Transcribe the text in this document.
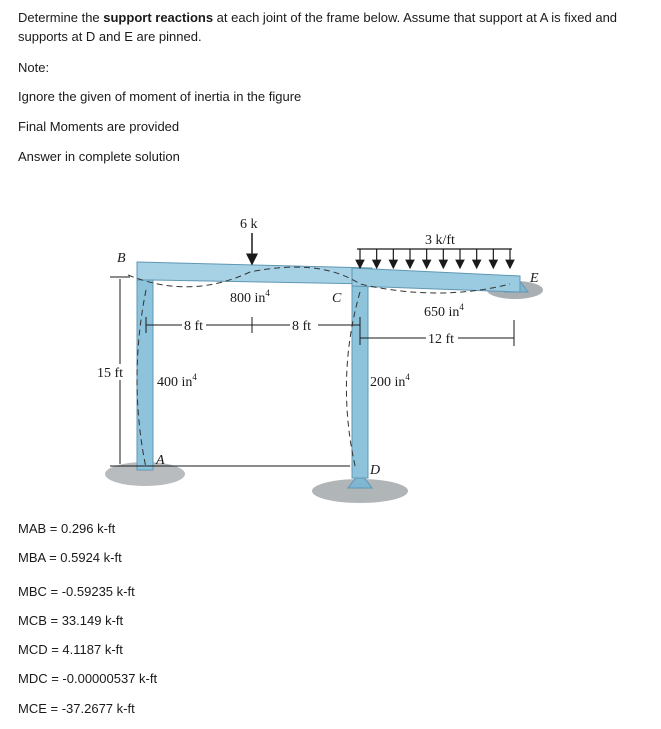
Determine the support reactions at each joint of the frame below. Assume that support at A is fixed and supports at D and E are pinned.
Note:
Ignore the given of moment of inertia in the figure
Final Moments are provided
Answer in complete solution
6 k
3 k/ft
B
C
E
A
D
800 $in^4$
650 $in^4$
400 $in^4$	200 $in^4$
8 ft	8 ft
12 ft
15 ft
MAB = 0.296 k-ft
MBA = 0.5924 k-ft
MBC = -0.59235 k-ft
MCB = 33.149 k-ft
MCD = 4.1187 k-ft
MDC = -0.00000537 k-ft
MCE = -37.2677 k-ft
